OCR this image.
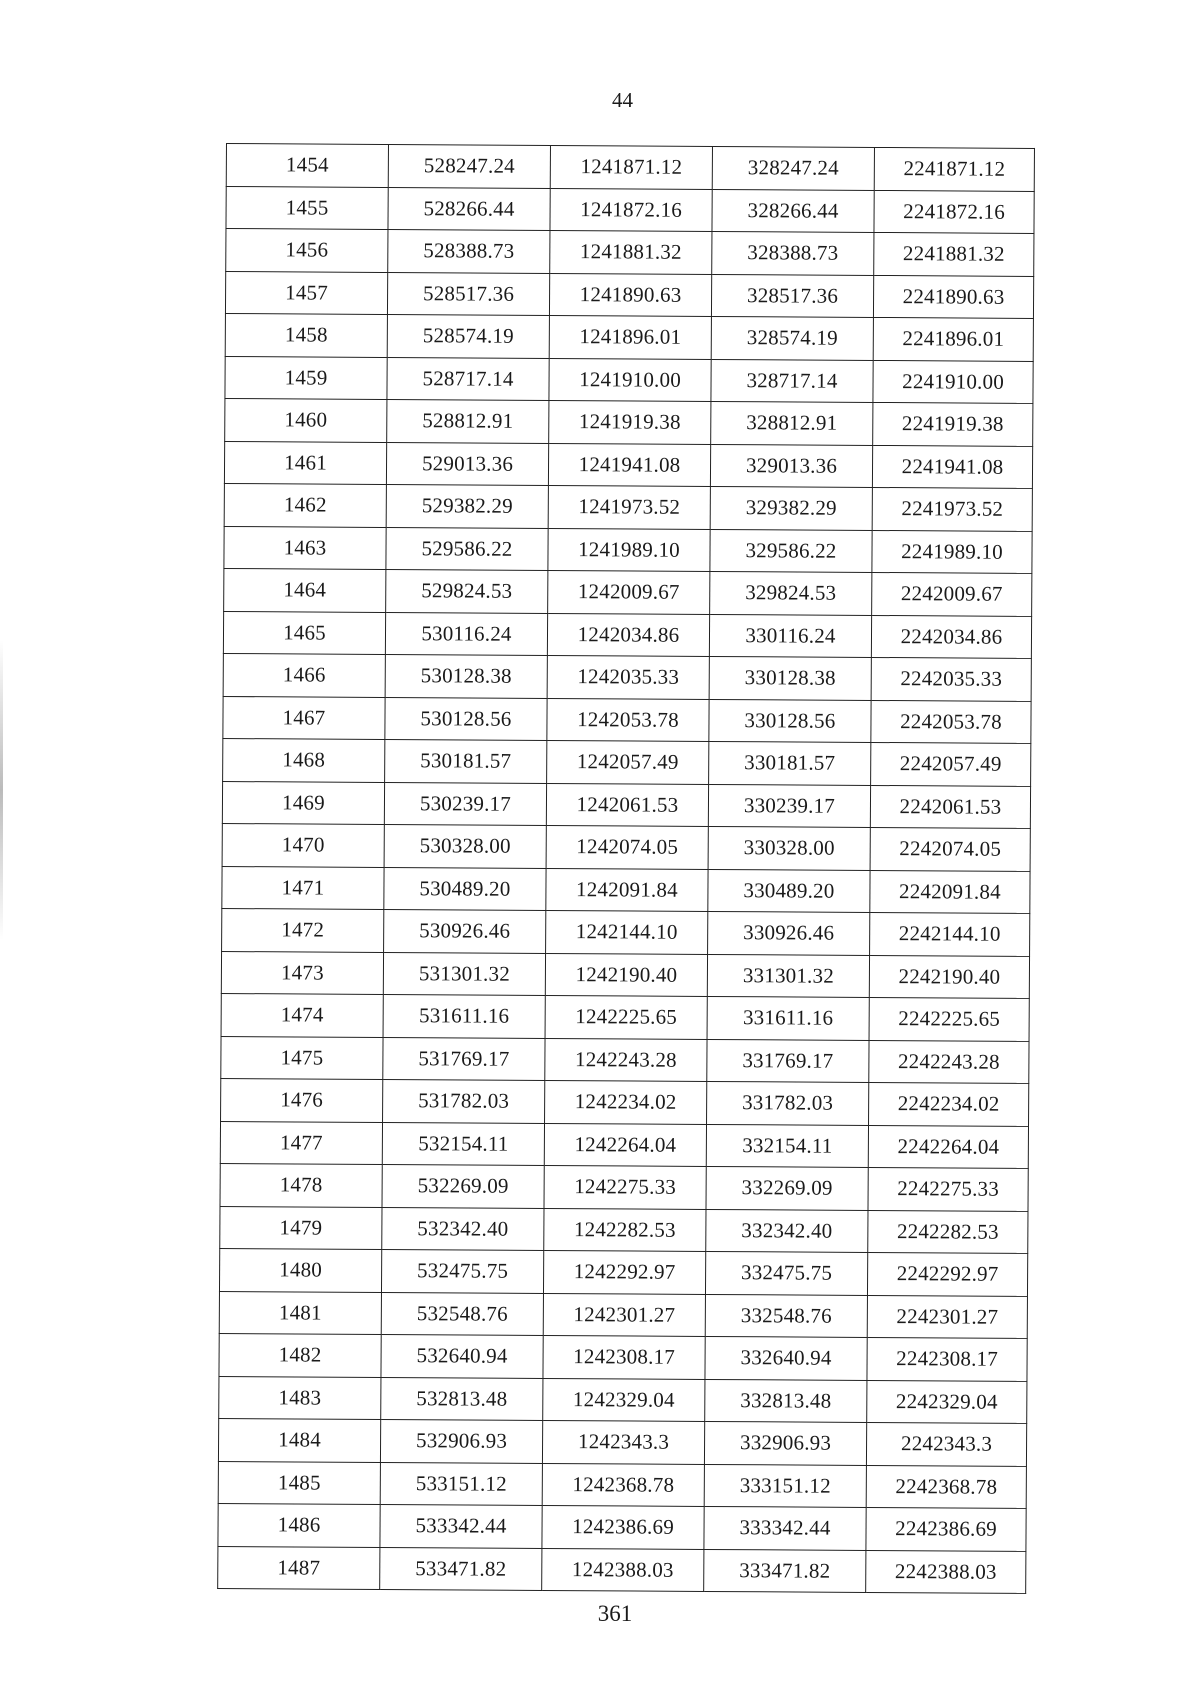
44
1454	528247.24	1241871.12	328247.24	2241871.12
1455	528266.44	1241872.16	328266.44	2241872.16
1456	528388.73	1241881.32	328388.73	2241881.32
1457	528517.36	1241890.63	328517.36	2241890.63
1458	528574.19	1241896.01	328574.19	2241896.01
1459	528717.14	1241910.00	328717.14	2241910.00
1460	528812.91	1241919.38	328812.91	2241919.38
1461	529013.36	1241941.08	329013.36	2241941.08
1462	529382.29	1241973.52	329382.29	2241973.52
1463	529586.22	1241989.10	329586.22	2241989.10
1464	529824.53	1242009.67	329824.53	2242009.67
1465	530116.24	1242034.86	330116.24	2242034.86
1466	530128.38	1242035.33	330128.38	2242035.33
1467	530128.56	1242053.78	330128.56	2242053.78
1468	530181.57	1242057.49	330181.57	2242057.49
1469	530239.17	1242061.53	330239.17	2242061.53
1470	530328.00	1242074.05	330328.00	2242074.05
1471	530489.20	1242091.84	330489.20	2242091.84
1472	530926.46	1242144.10	330926.46	2242144.10
1473	531301.32	1242190.40	331301.32	2242190.40
1474	531611.16	1242225.65	331611.16	2242225.65
1475	531769.17	1242243.28	331769.17	2242243.28
1476	531782.03	1242234.02	331782.03	2242234.02
1477	532154.11	1242264.04	332154.11	2242264.04
1478	532269.09	1242275.33	332269.09	2242275.33
1479	532342.40	1242282.53	332342.40	2242282.53
1480	532475.75	1242292.97	332475.75	2242292.97
1481	532548.76	1242301.27	332548.76	2242301.27
1482	532640.94	1242308.17	332640.94	2242308.17
1483	532813.48	1242329.04	332813.48	2242329.04
1484	532906.93	1242343.3	332906.93	2242343.3
1485	533151.12	1242368.78	333151.12	2242368.78
1486	533342.44	1242386.69	333342.44	2242386.69
1487	533471.82	1242388.03	333471.82	2242388.03
361
